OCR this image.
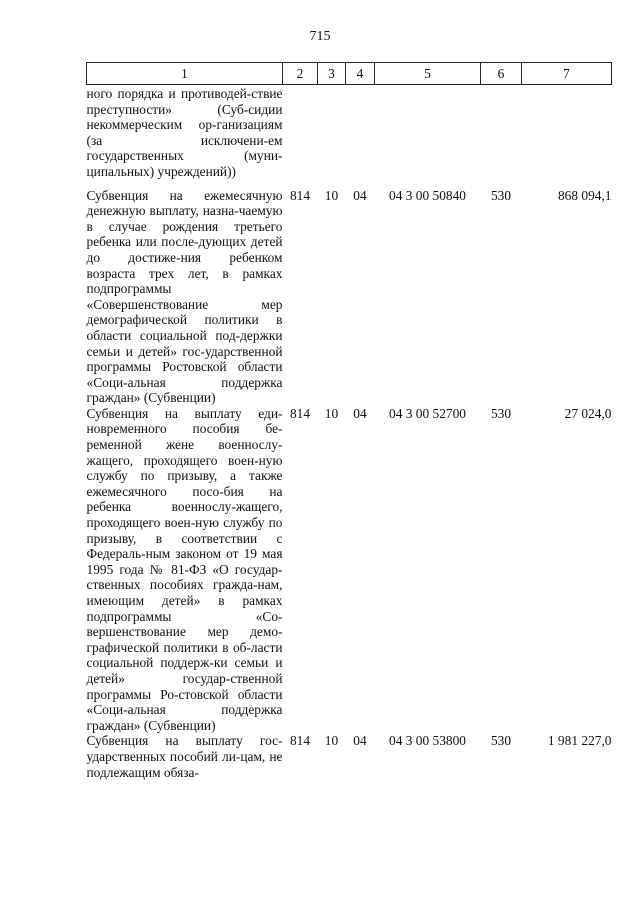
715
1	2	3	4	5	6	7
ного порядка и противодей-ствие преступности» (Суб-сидии некоммерческим ор-ганизациям (за исключени-ем государственных (муни-ципальных) учреждений))						
Субвенция на ежемесячную денежную выплату, назна-чаемую в случае рождения третьего ребенка или после-дующих детей до достиже-ния ребенком возраста трех лет, в рамках подпрограммы «Совершенствование мер демографической политики в области социальной под-держки семьи и детей» гос-ударственной программы Ростовской области «Соци-альная поддержка граждан» (Субвенции)	814	10	04	04 3 00 50840	530	868 094,1
Субвенция на выплату еди-новременного пособия бе-ременной жене военнослу-жащего, проходящего воен-ную службу по призыву, а также ежемесячного посо-бия на ребенка военнослу-жащего, проходящего воен-ную службу по призыву, в соответствии с Федераль-ным законом от 19 мая 1995 года № 81-ФЗ «О государ-ственных пособиях гражда-нам, имеющим детей» в рамках подпрограммы «Со-вершенствование мер демо-графической политики в об-ласти социальной поддерж-ки семьи и детей» государ-ственной программы Ро-стовской области «Соци-альная поддержка граждан» (Субвенции)	814	10	04	04 3 00 52700	530	27 024,0
Субвенция на выплату гос-ударственных пособий ли-цам, не подлежащим обяза-	814	10	04	04 3 00 53800	530	1 981 227,0
